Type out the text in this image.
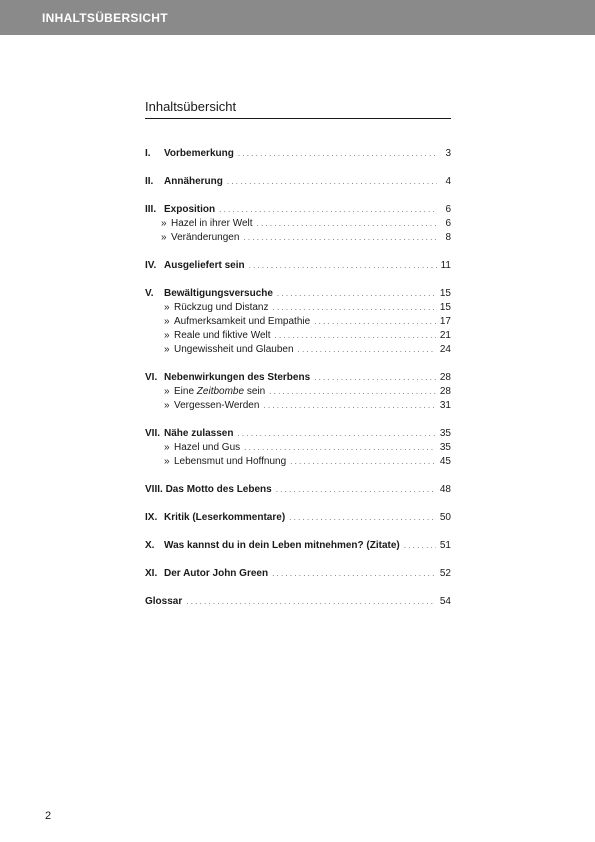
INHALTSÜBERSICHT
Inhaltsübersicht
I.	Vorbemerkung . . .	3
II.	Annäherung . . .	4
III. Exposition . . .	6
» Hazel in ihrer Welt . . .	6
» Veränderungen . . .	8
IV. Ausgeliefert sein . . .	11
V.	Bewältigungsversuche . . .	15
» Rückzug und Distanz . . .	15
» Aufmerksamkeit und Empathie . . .	17
» Reale und fiktive Welt . . .	21
» Ungewissheit und Glauben . . .	24
VI. Nebenwirkungen des Sterbens . . .	28
» Eine Zeitbombe sein . . .	28
» Vergessen-Werden . . .	31
VII. Nähe zulassen . . .	35
» Hazel und Gus . . .	35
» Lebensmut und Hoffnung . . .	45
VIII. Das Motto des Lebens . . .	48
IX. Kritik (Leserkommentare) . . .	50
X. Was kannst du in dein Leben mitnehmen? (Zitate) . . .	51
XI. Der Autor John Green . . .	52
Glossar . . .	54
2
